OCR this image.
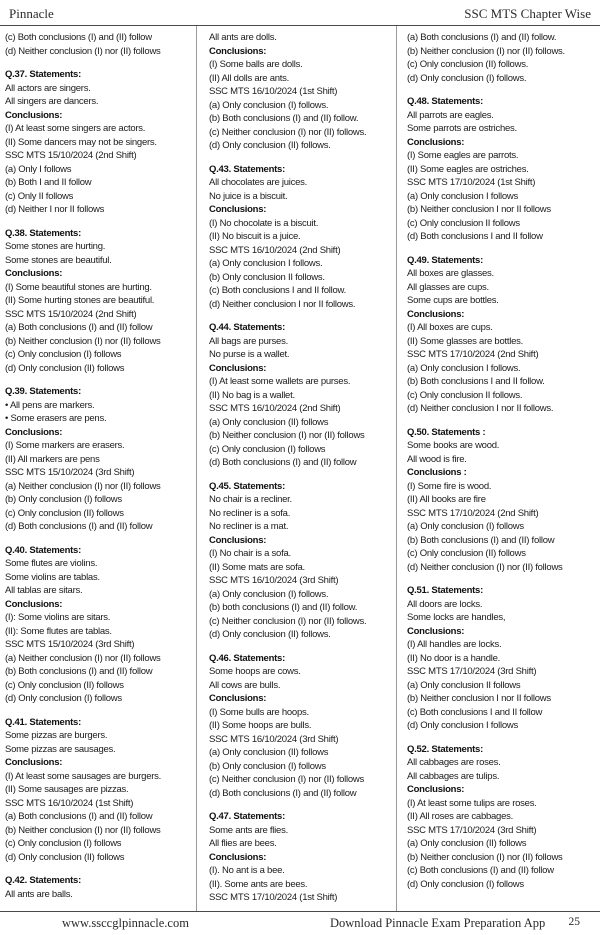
Pinnacle	SSC MTS Chapter Wise
(c) Both conclusions (I) and (II) follow
(d) Neither conclusion (I) nor (II) follows
Q.37. Statements:
All actors are singers.
All singers are dancers.
Conclusions:
(I) At least some singers are actors.
(II) Some dancers may not be singers.
SSC MTS 15/10/2024 (2nd Shift)
(a) Only I follows
(b) Both I and II follow
(c) Only II follows
(d) Neither I nor II follows
Q.38. Statements:
Some stones are hurting.
Some stones are beautiful.
Conclusions:
(I) Some beautiful stones are hurting.
(II) Some hurting stones are beautiful.
SSC MTS 15/10/2024 (2nd Shift)
(a) Both conclusions (I) and (II) follow
(b) Neither conclusion (I) nor (II) follows
(c) Only conclusion (I) follows
(d) Only conclusion (II) follows
Q.39. Statements:
• All pens are markers.
• Some erasers are pens.
Conclusions:
(I) Some markers are erasers.
(II) All markers are pens
SSC MTS 15/10/2024 (3rd Shift)
(a) Neither conclusion (I) nor (II) follows
(b) Only conclusion (I) follows
(c) Only conclusion (II) follows
(d) Both conclusions (I) and (II) follow
Q.40. Statements:
Some flutes are violins.
Some violins are tablas.
All tablas are sitars.
Conclusions:
(I): Some violins are sitars.
(II): Some flutes are tablas.
SSC MTS 15/10/2024 (3rd Shift)
(a) Neither conclusion (I) nor (II) follows
(b) Both conclusions (I) and (II) follow
(c) Only conclusion (II) follows
(d) Only conclusion (I) follows
Q.41. Statements:
Some pizzas are burgers.
Some pizzas are sausages.
Conclusions:
(I) At least some sausages are burgers.
(II) Some sausages are pizzas.
SSC MTS 16/10/2024 (1st Shift)
(a) Both conclusions (I) and (II) follow
(b) Neither conclusion (I) nor (II) follows
(c) Only conclusion (I) follows
(d) Only conclusion (II) follows
Q.42. Statements:
All ants are balls.
All ants are dolls.
Conclusions:
(I) Some balls are dolls.
(II) All dolls are ants.
SSC MTS 16/10/2024 (1st Shift)
(a) Only conclusion (I) follows.
(b) Both conclusions (I) and (II) follow.
(c) Neither conclusion (I) nor (II) follows.
(d) Only conclusion (II) follows.
Q.43. Statements:
All chocolates are juices.
No juice is a biscuit.
Conclusions:
(I) No chocolate is a biscuit.
(II) No biscuit is a juice.
SSC MTS 16/10/2024 (2nd Shift)
(a) Only conclusion I follows.
(b) Only conclusion II follows.
(c) Both conclusions I and II follow.
(d) Neither conclusion I nor II follows.
Q.44. Statements:
All bags are purses.
No purse is a wallet.
Conclusions:
(I) At least some wallets are purses.
(II) No bag is a wallet.
SSC MTS 16/10/2024 (2nd Shift)
(a) Only conclusion (II) follows
(b) Neither conclusion (I) nor (II) follows
(c) Only conclusion (I) follows
(d) Both conclusions (I) and (II) follow
Q.45. Statements:
No chair is a recliner.
No recliner is a sofa.
No recliner is a mat.
Conclusions:
(I) No chair is a sofa.
(II) Some mats are sofa.
SSC MTS 16/10/2024 (3rd Shift)
(a) Only conclusion (I) follows.
(b) both conclusions (I) and (II) follow.
(c) Neither conclusion (I) nor (II) follows.
(d) Only conclusion (II) follows.
Q.46. Statements:
Some hoops are cows.
All cows are bulls.
Conclusions:
(I) Some bulls are hoops.
(II) Some hoops are bulls.
SSC MTS 16/10/2024 (3rd Shift)
(a) Only conclusion (II) follows
(b) Only conclusion (I) follows
(c) Neither conclusion (I) nor (II) follows
(d) Both conclusions (I) and (II) follow
Q.47. Statements:
Some ants are flies.
All flies are bees.
Conclusions:
(I). No ant is a bee.
(II). Some ants are bees.
SSC MTS 17/10/2024 (1st Shift)
(a) Both conclusions (I) and (II) follow.
(b) Neither conclusion (I) nor (II) follows.
(c) Only conclusion (II) follows.
(d) Only conclusion (I) follows.
Q.48. Statements:
All parrots are eagles.
Some parrots are ostriches.
Conclusions:
(I) Some eagles are parrots.
(II) Some eagles are ostriches.
SSC MTS 17/10/2024 (1st Shift)
(a) Only conclusion I follows
(b) Neither conclusion I nor II follows
(c) Only conclusion II follows
(d) Both conclusions I and II follow
Q.49. Statements:
All boxes are glasses.
All glasses are cups.
Some cups are bottles.
Conclusions:
(I) All boxes are cups.
(II) Some glasses are bottles.
SSC MTS 17/10/2024 (2nd Shift)
(a) Only conclusion I follows.
(b) Both conclusions I and II follow.
(c) Only conclusion II follows.
(d) Neither conclusion I nor II follows.
Q.50. Statements :
Some books are wood.
All wood is fire.
Conclusions :
(I) Some fire is wood.
(II) All books are fire
SSC MTS 17/10/2024 (2nd Shift)
(a) Only conclusion (I) follows
(b) Both conclusions (I) and (II) follow
(c) Only conclusion (II) follows
(d) Neither conclusion (I) nor (II) follows
Q.51. Statements:
All doors are locks.
Some locks are handles,
Conclusions:
(I) All handles are locks.
(II) No door is a handle.
SSC MTS 17/10/2024 (3rd Shift)
(a) Only conclusion II follows
(b) Neither conclusion I nor II follows
(c) Both conclusions I and II follow
(d) Only conclusion I follows
Q.52. Statements:
All cabbages are roses.
All cabbages are tulips.
Conclusions:
(I) At least some tulips are roses.
(II) All roses are cabbages.
SSC MTS 17/10/2024 (3rd Shift)
(a) Only conclusion (II) follows
(b) Neither conclusion (I) nor (II) follows
(c) Both conclusions (I) and (II) follow
(d) Only conclusion (I) follows
www.ssccglpinnacle.com	Download Pinnacle Exam Preparation App 25
